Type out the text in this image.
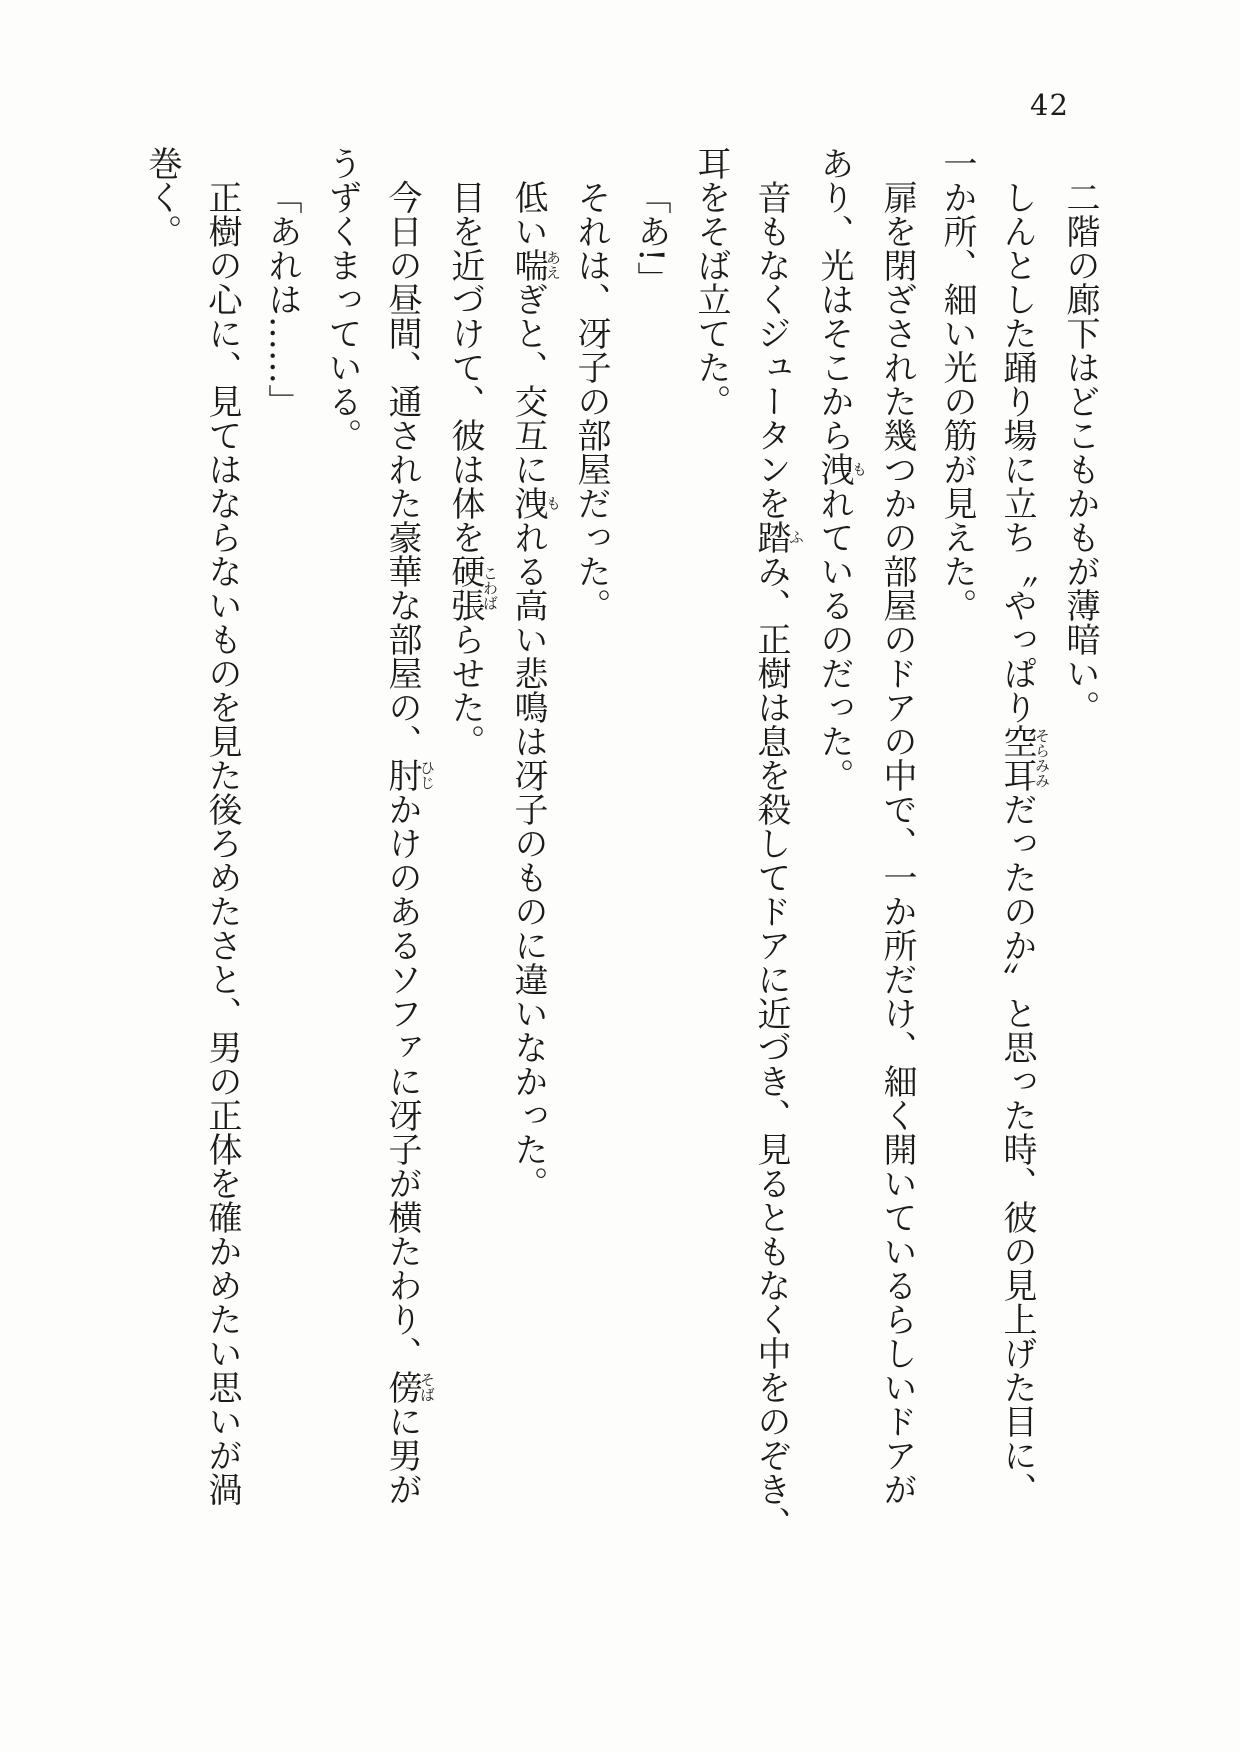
42

二階の廊下はどこもかもが薄暗い。

しんとした踊り場に立ち〝やっぱり空耳そらみみだったのか〟と思った時、彼の見上げた目に、

一か所、細い光の筋が見えた。

扉を閉ざされた幾つかの部屋のドアの中で、一か所だけ、細く開いているらしいドアが

あり、光はそこから洩もれているのだった。

音もなくジュータンを踏ふみ、正樹は息を殺してドアに近づき、見るともなく中をのぞき、

耳をそば立てた。

「あ!」

それは、冴子の部屋だった。

低い喘あえぎと、交互に洩もれる高い悲鳴は冴子のものに違いなかった。

目を近づけて、彼は体を硬張こわばらせた。

今日の昼間、通された豪華な部屋の、肘ひじかけのあるソファに冴子が横たわり、傍そばに男が

うずくまっている。

「あれは……」

正樹の心に、見てはならないものを見た後ろめたさと、男の正体を確かめたい思いが渦

巻く。
